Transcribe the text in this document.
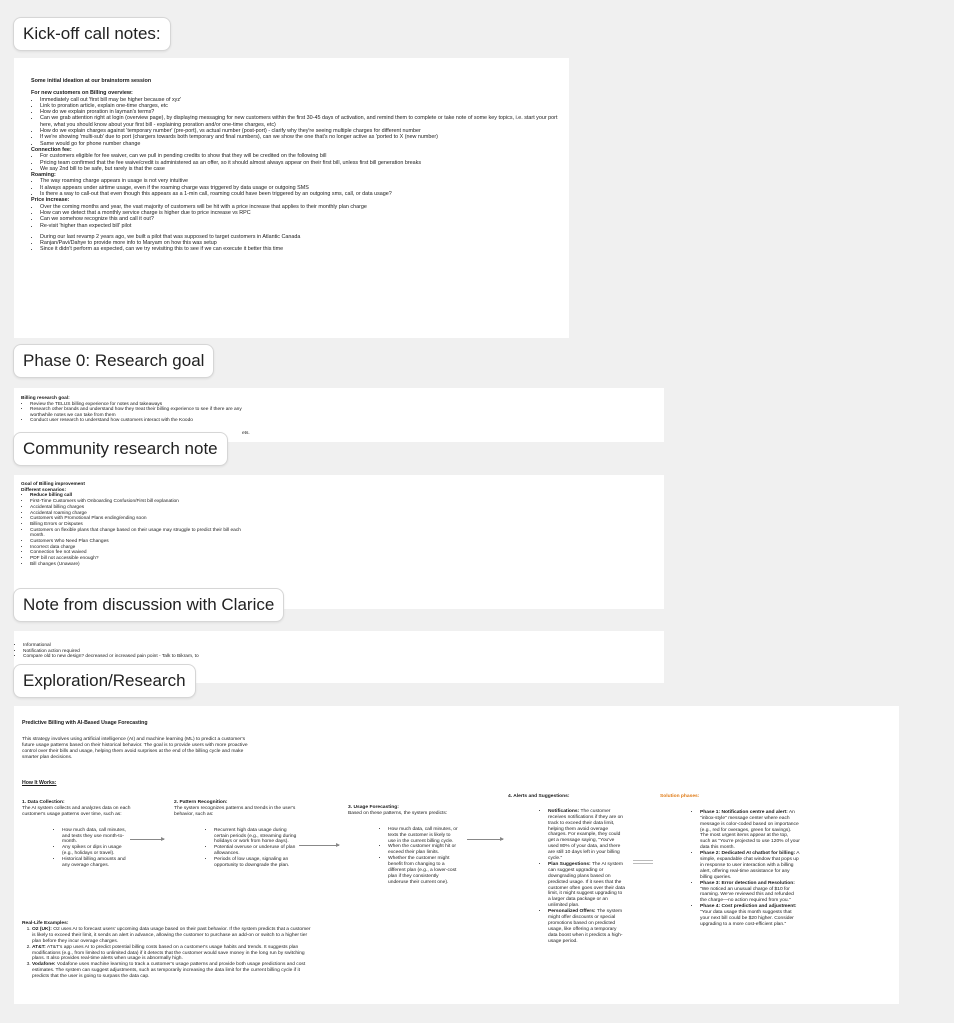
Some initial ideation at our brainstorm session
For new customers on Billing overview:
• Immediately call out 'first bill may be higher because of xyz'
• Link to proration article, explain one-time charges, etc
• How do we explain proration in layman's terms?
• Can we grab attention right at login (overview page), by displaying messaging for new customers within the first 30-45 days of activation, and remind them to complete or take note of some key topics, i.e. start your port here, what you should know about your first bill - explaining proration and/or one-time charges, etc)
• How do we explain charges against 'temporary number' (pre-port), vs actual number (post-port) - clarify why they're seeing multiple charges for different number
• If we're showing 'multi-sub' due to port (chargers towards both temporary and final numbers), can we show the one that's no longer active as 'ported to X (new number)
• Same would go for phone number change
Connection fee:
• For customers eligible for fee waiver, can we pull in pending credits to show that they will be credited on the following bill
• Pricing team confirmed that the fee waive/credit is administered as an offer, so it should almost always appear on their first bill, unless first bill generation breaks
• We say 2nd bill to be safe, but rarely is that the case
Roaming:
• The way roaming charge appears in usage is not very intuitive
• It always appears under airtime usage, even if the roaming charge was triggered by data usage or outgoing SMS
• Is there a way to call-out that even though this appears as a 1-min call, roaming could have been triggered by an outgoing sms, call, or data usage?
Price increase:
• Over the coming months and year, the vast majority of customers will be hit with a price increase that applies to their monthly plan charge
• How can we detect that a monthly service charge is higher due to price increase vs RPC
• Can we somehow recognize this and call it out?
• Re-visit 'higher than expected bill' pilot
• During our last revamp 2 years ago, we built a pilot that was supposed to target customers in Atlantic Canada
• Ranjan/Pavi/Dahye to provide more info to Maryam on how this was setup
• Since it didn't perform as expected, can we try revisiting this to see if we can execute it better this time
Kick-off call notes:
Billing research goal:
• Review the TELUS billing experience for notes and takeaways
• Research other brands and understand how they treat their billing experience to see if there are any worthwhile notes we can take from them
• Conduct user research to understand how customers interact with the Koodo
ets.
Phase 0: Research goal
Goal of Billing improvement
Different scenarios:
• Reduce billing call
• First-Time Customers with Onboarding Confusion/First bill explanation
• Accidental billing charges
• Accidental roaming charge
• Customers with Promotional Plans ending/ending soon
• Billing Errors or Disputes
• Customers on flexible plans that change based on their usage may struggle to predict their bill each month.
• Customers Who Need Plan Changes
• Incorrect data charge
• Connection fee not waived
• PDF bill not accessible enough?
• Bill changes (Unaware)
Community research note
• Informational
• Notification action required
• Compare old to new design? decreased or increased pain point - Talk to Bikram, to
Note from discussion with Clarice
Predictive Billing with AI-Based Usage Forecasting
This strategy involves using artificial intelligence (AI) and machine learning (ML) to predict a customer's future usage patterns based on their historical behavior. The goal is to provide users with more proactive control over their bills and usage, helping them avoid surprises at the end of the billing cycle and make smarter plan decisions.
How It Works:
1. Data Collection:
The AI system collects and analyzes data on each customer's usage patterns over time, such as:
• How much data, call minutes, and texts they use month-to-month.
• Any spikes or dips in usage (e.g., holidays or travel).
• Historical billing amounts and any overage charges.
2. Pattern Recognition:
The system recognizes patterns and trends in the user's behavior, such as:
• Recurrent high data usage during certain periods (e.g., streaming during holidays or work from home days).
• Potential overuse or underuse of plan allowances.
• Periods of low usage, signaling an opportunity to downgrade the plan.
3. Usage Forecasting:
Based on these patterns, the system predicts:
• How much data, call minutes, or texts the customer is likely to use in the current billing cycle.
• When the customer might hit or exceed their plan limits.
• Whether the customer might benefit from changing to a different plan (e.g., a lower-cost plan if they consistently underuse their current one).
4. Alerts and Suggestions:
• Notifications: The customer receives notifications if they are on track to exceed their data limit, helping them avoid overage charges. For example, they could get a message saying, "You've used 80% of your data, and there are still 10 days left in your billing cycle."
• Plan Suggestions: The AI system can suggest upgrading or downgrading plans based on predicted usage. If it sees that the customer often goes over their data limit, it might suggest upgrading to a larger data package or an unlimited plan.
• Personalized Offers: The system might offer discounts or special promotions based on predicted usage, like offering a temporary data boost when it predicts a high-usage period.
Solution phases:
• Phase 1: Notification centre and alert: An "inbox-style" message center where each message is color-coded based on importance (e.g., red for overages, green for savings). The most urgent items appear at the top, such as "You're projected to use 120% of your data this month.
• Phase 2: Dedicated AI chatbot for billing: A simple, expandable chat window that pops up in response to user interaction with a billing alert, offering real-time assistance for any billing queries.
• Phase 3: Error detection and Resolution: "We noticed an unusual charge of $10 for roaming. We've reviewed this and refunded the charge—no action required from you."
• Phase 4: Cost prediction and adjustment: "Your data usage this month suggests that your next bill could be $20 higher. Consider upgrading to a more cost-efficient plan."
Real-Life Examples:
1. O2 (UK): O2 uses AI to forecast users' upcoming data usage based on their past behavior. If the system predicts that a customer is likely to exceed their limit, it sends an alert in advance, allowing the customer to purchase an add-on or switch to a higher tier plan before they incur overage charges.
2. AT&T: AT&T's app uses AI to predict potential billing costs based on a customer's usage habits and trends. It suggests plan modifications (e.g., from limited to unlimited data) if it detects that the customer would save money in the long run by switching plans. It also provides real-time alerts when usage is abnormally high.
3. Vodafone: Vodafone uses machine learning to track a customer's usage patterns and provide both usage predictions and cost estimates. The system can suggest adjustments, such as temporarily increasing the data limit for the current billing cycle if it predicts that the user is going to surpass the data cap.
Exploration/Research
